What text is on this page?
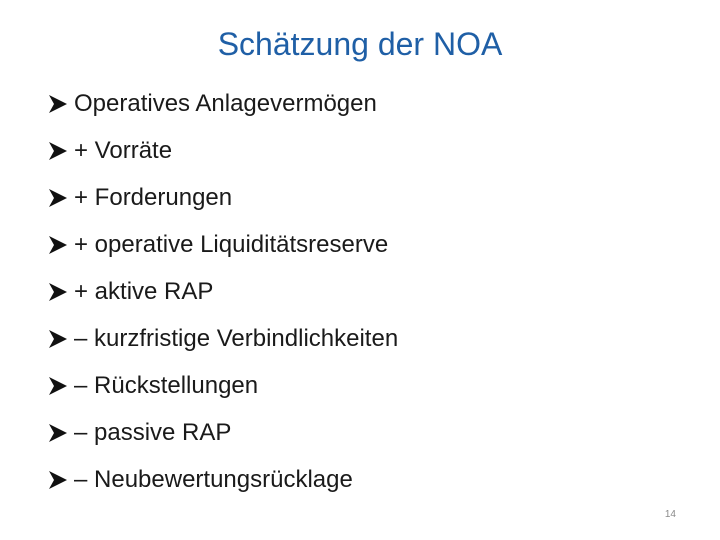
Schätzung der NOA
Operatives Anlagevermögen
+ Vorräte
+ Forderungen
+ operative Liquiditätsreserve
+ aktive RAP
– kurzfristige Verbindlichkeiten
– Rückstellungen
– passive RAP
– Neubewertungsrücklage
14
